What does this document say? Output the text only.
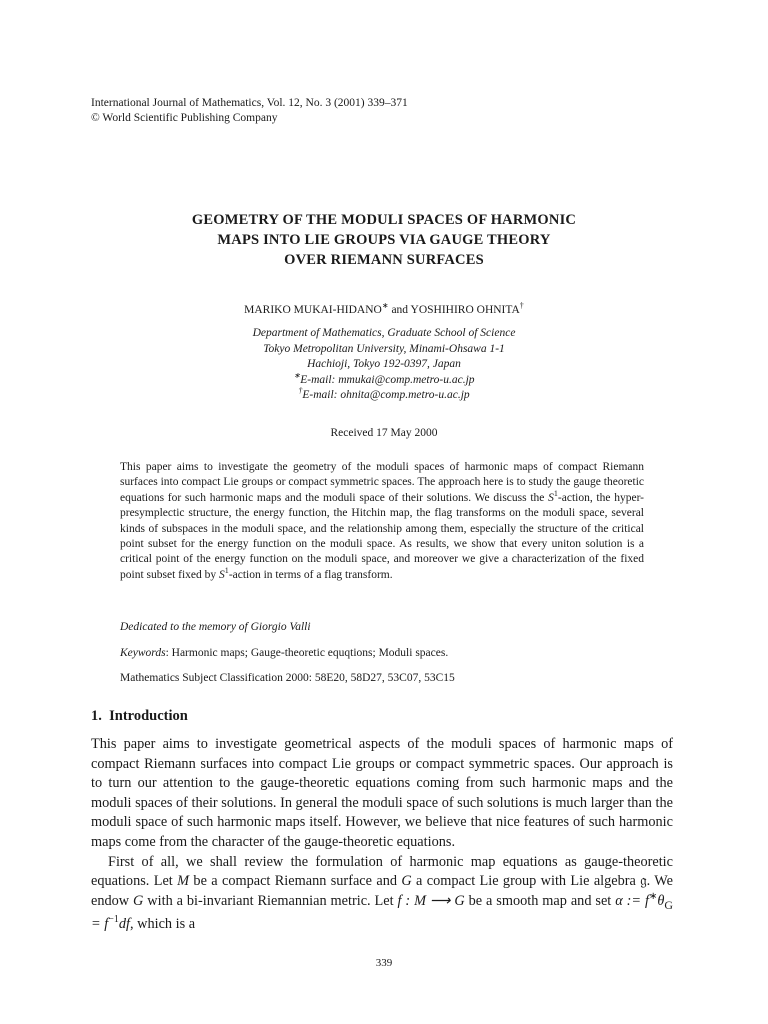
International Journal of Mathematics, Vol. 12, No. 3 (2001) 339–371
© World Scientific Publishing Company
GEOMETRY OF THE MODULI SPACES OF HARMONIC
MAPS INTO LIE GROUPS VIA GAUGE THEORY
OVER RIEMANN SURFACES
MARIKO MUKAI-HIDANO∗ and YOSHIHIRO OHNITA†
Department of Mathematics, Graduate School of Science
Tokyo Metropolitan University, Minami-Ohsawa 1-1
Hachioji, Tokyo 192-0397, Japan
∗E-mail: mmukai@comp.metro-u.ac.jp
†E-mail: ohnita@comp.metro-u.ac.jp
Received 17 May 2000
This paper aims to investigate the geometry of the moduli spaces of harmonic maps of compact Riemann surfaces into compact Lie groups or compact symmetric spaces. The approach here is to study the gauge theoretic equations for such harmonic maps and the moduli space of their solutions. We discuss the $S^1$-action, the hyper-presymplectic structure, the energy function, the Hitchin map, the flag transforms on the moduli space, several kinds of subspaces in the moduli space, and the relationship among them, especially the structure of the critical point subset for the energy function on the moduli space. As results, we show that every uniton solution is a critical point of the energy function on the moduli space, and moreover we give a characterization of the fixed point subset fixed by $S^1$-action in terms of a flag transform.
Dedicated to the memory of Giorgio Valli
Keywords: Harmonic maps; Gauge-theoretic equqtions; Moduli spaces.
Mathematics Subject Classification 2000: 58E20, 58D27, 53C07, 53C15
1. Introduction

This paper aims to investigate geometrical aspects of the moduli spaces of harmonic maps of compact Riemann surfaces into compact Lie groups or compact symmetric spaces. Our approach is to turn our attention to the gauge-theoretic equations coming from such harmonic maps and the moduli spaces of their solutions. In general the moduli space of such solutions is much larger than the moduli space of such harmonic maps itself. However, we believe that nice features of such harmonic maps come from the character of the gauge-theoretic equations.

First of all, we shall review the formulation of harmonic map equations as gauge-theoretic equations. Let M be a compact Riemann surface and G a compact Lie group with Lie algebra 𝔤. We endow G with a bi-invariant Riemannian metric. Let f : M ⟶ G be a smooth map and set α := $f^∗\theta_G = f^{-1}df$, which is a

339
